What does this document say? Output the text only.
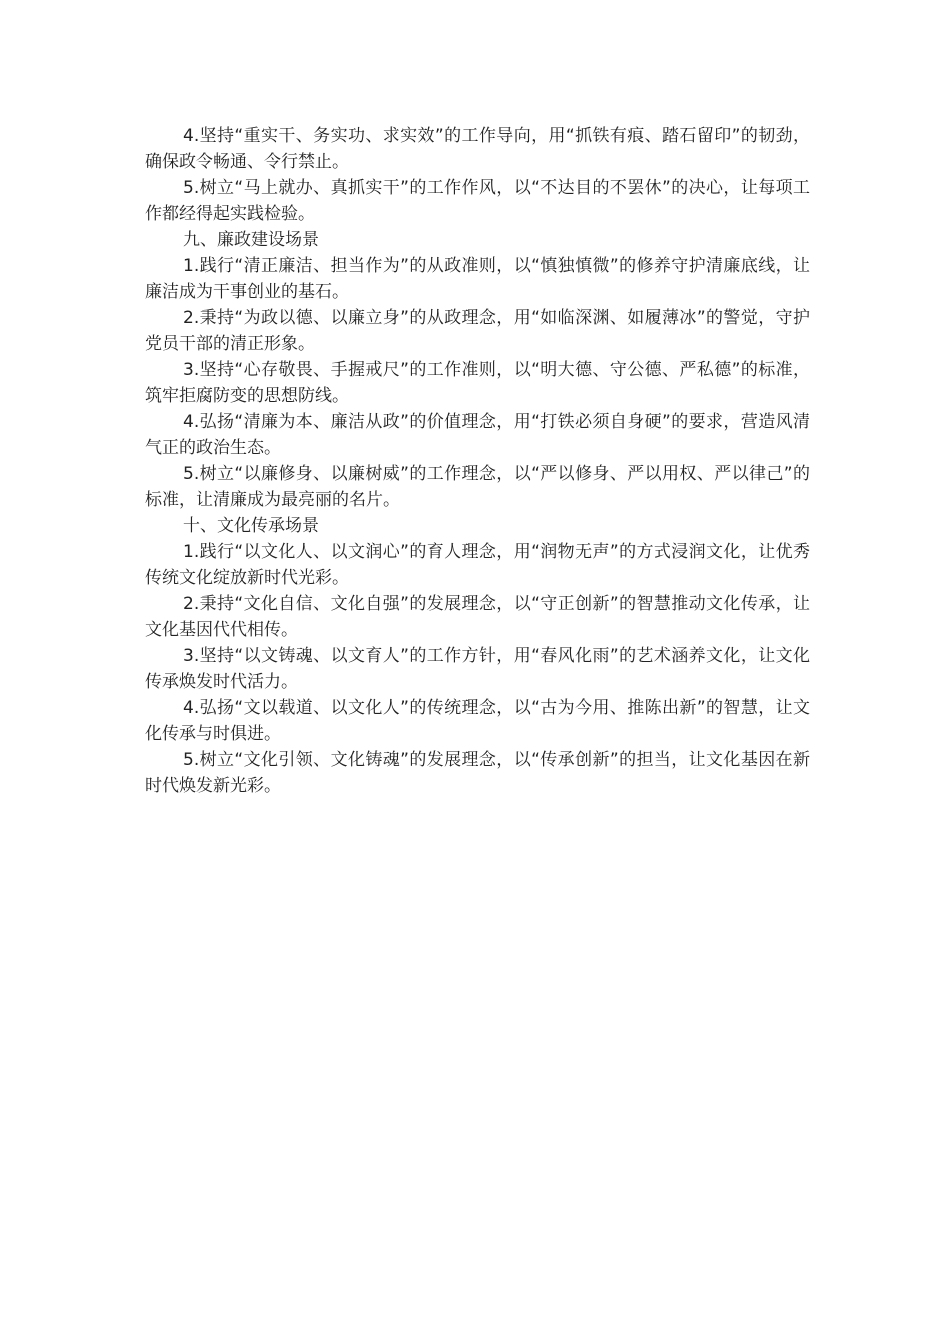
4.坚持“重实干、务实功、求实效”的工作导向，用“抓铁有痕、踏石留印”的韧劲，确保政令畅通、令行禁止。

5.树立“马上就办、真抓实干”的工作作风，以“不达目的不罢休”的决心，让每项工作都经得起实践检验。

九、廉政建设场景

1.践行“清正廉洁、担当作为”的从政准则，以“慎独慎微”的修养守护清廉底线，让廉洁成为干事创业的基石。

2.秉持“为政以德、以廉立身”的从政理念，用“如临深渊、如履薄冰”的警觉，守护党员干部的清正形象。

3.坚持“心存敬畏、手握戒尺”的工作准则，以“明大德、守公德、严私德”的标准，筑牢拒腐防变的思想防线。

4.弘扬“清廉为本、廉洁从政”的价值理念，用“打铁必须自身硬”的要求，营造风清气正的政治生态。

5.树立“以廉修身、以廉树威”的工作理念，以“严以修身、严以用权、严以律己”的标准，让清廉成为最亮丽的名片。

十、文化传承场景

1.践行“以文化人、以文润心”的育人理念，用“润物无声”的方式浸润文化，让优秀传统文化绽放新时代光彩。

2.秉持“文化自信、文化自强”的发展理念，以“守正创新”的智慧推动文化传承，让文化基因代代相传。

3.坚持“以文铸魂、以文育人”的工作方针，用“春风化雨”的艺术涵养文化，让文化传承焕发时代活力。

4.弘扬“文以载道、以文化人”的传统理念，以“古为今用、推陈出新”的智慧，让文化传承与时俱进。

5.树立“文化引领、文化铸魂”的发展理念，以“传承创新”的担当，让文化基因在新时代焕发新光彩。
